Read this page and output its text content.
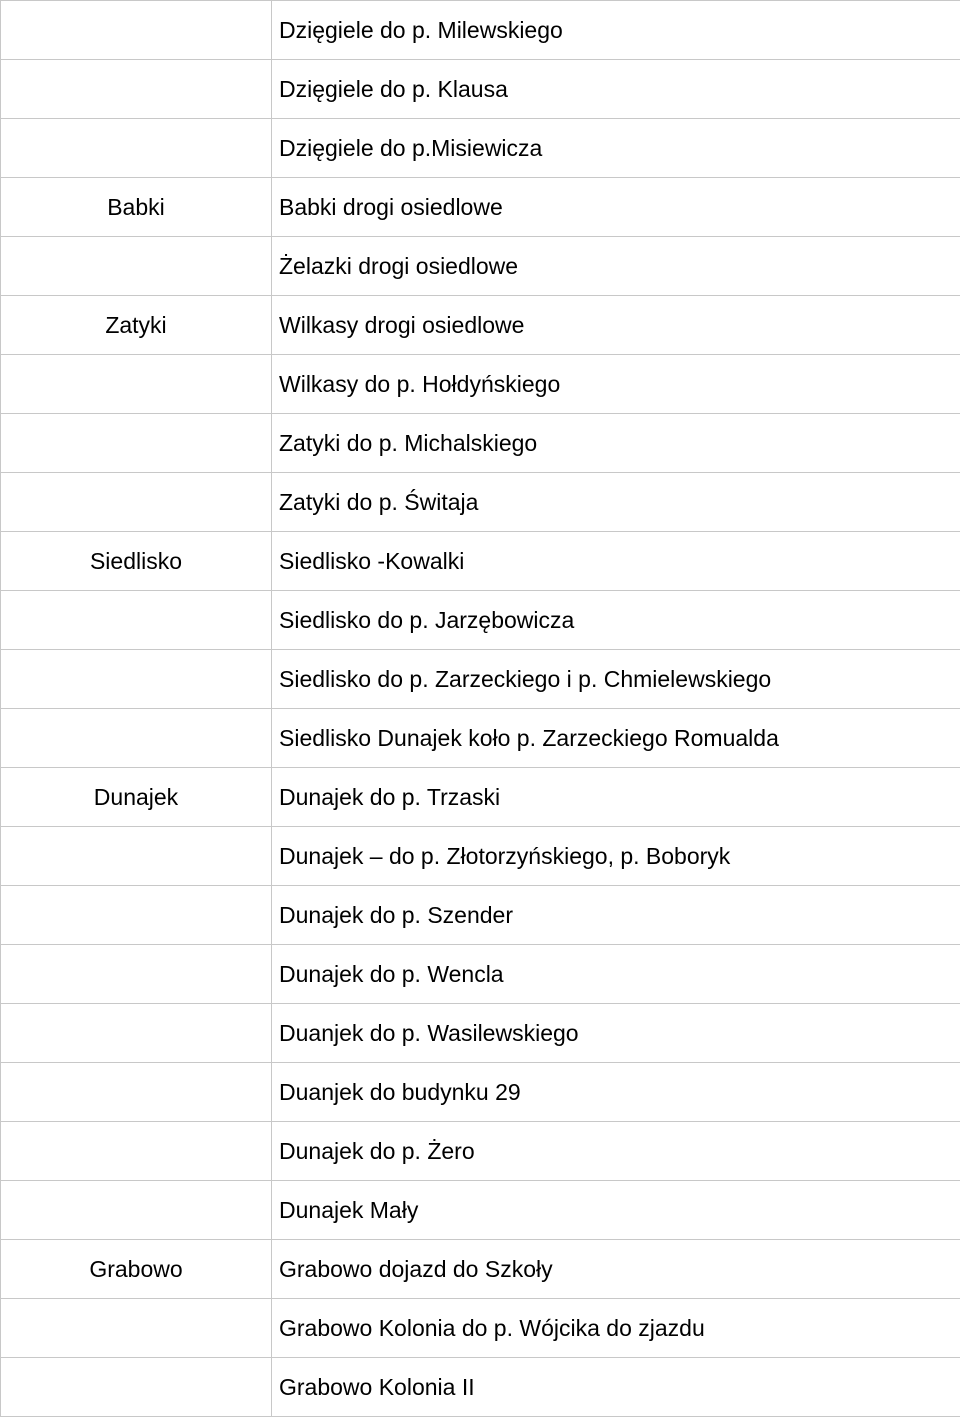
	Dzięgiele do p. Milewskiego
	Dzięgiele do p. Klausa
	Dzięgiele do p.Misiewicza
Babki	Babki drogi osiedlowe
	Żelazki drogi osiedlowe
Zatyki	Wilkasy drogi osiedlowe
	Wilkasy do p. Hołdyńskiego
	Zatyki do p. Michalskiego
	Zatyki do p. Świtaja
Siedlisko	Siedlisko -Kowalki
	Siedlisko do p. Jarzębowicza
	Siedlisko do p. Zarzeckiego i p. Chmielewskiego
	Siedlisko Dunajek koło p. Zarzeckiego Romualda
Dunajek	Dunajek do p. Trzaski
	Dunajek – do p. Złotorzyńskiego, p. Boboryk
	Dunajek do p. Szender
	Dunajek do p. Wencla
	Duanjek do p. Wasilewskiego
	Duanjek do budynku 29
	Dunajek do p. Żero
	Dunajek Mały
Grabowo	Grabowo dojazd do Szkoły
	Grabowo Kolonia do p. Wójcika do zjazdu
	Grabowo Kolonia II
